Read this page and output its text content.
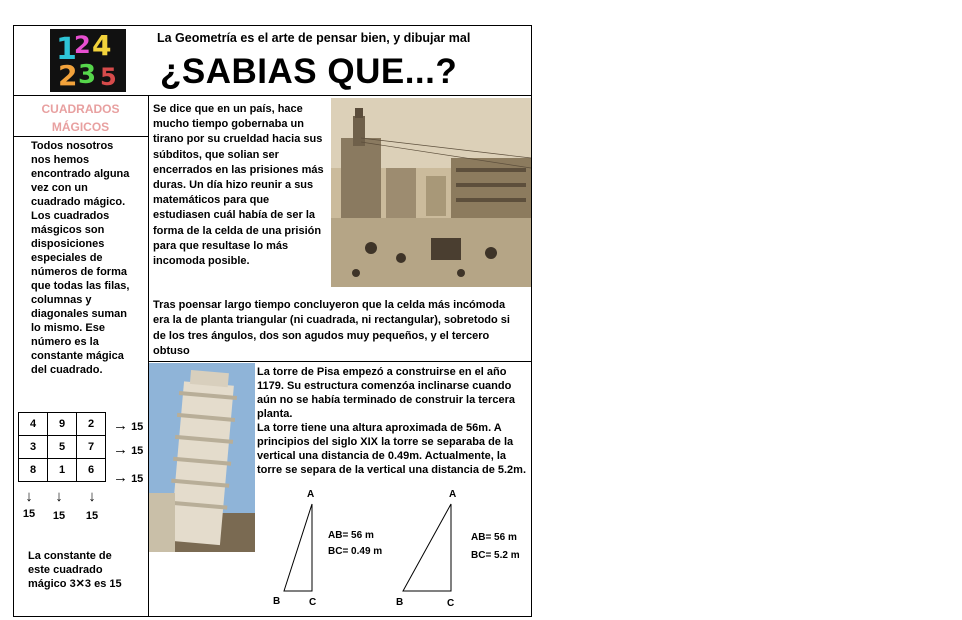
1
2 4
2 3 5
La Geometría es el arte de pensar bien, y dibujar mal
¿SABIAS QUE...?
CUADRADOS
MÁGICOS
Todos nosotros nos hemos encontrado alguna vez con un cuadrado mágico. Los cuadrados másgicos son disposiciones especiales de números de forma que todas las filas, columnas y diagonales suman lo mismo. Ese número es la constante mágica del cuadrado.
4	9	2
3	5	7
8	1	6
→ 15
→ 15
→ 15
↓
15
↓
15
↓
15
La constante de este cuadrado mágico 3✕3 es 15
Se dice que en un país, hace mucho tiempo gobernaba un tirano por su crueldad hacia sus súbditos, que solian ser encerrados en las prisiones más duras. Un día hizo reunir a sus matemáticos para que estudiasen cuál había de ser la forma de la celda de una prisión para que resultase lo más incomoda posible.
Tras poensar largo tiempo concluyeron que la celda más incómoda era la de planta triangular (ni cuadrada, ni rectangular), sobretodo si de los tres ángulos, dos son agudos muy pequeños, y el tercero obtuso
La torre de Pisa empezó a construirse en el año 1179. Su estructura comenzóa inclinarse cuando aún no se había terminado de construir la tercera planta.
La torre tiene una altura aproximada de 56m. A principios del siglo XIX la torre se separaba de la vertical una distancia de 0.49m. Actualmente, la torre se separa de la vertical una distancia de 5.2m.
A
B	C
AB= 56 m
BC= 0.49 m
A
B	C
AB= 56 m
BC= 5.2 m
